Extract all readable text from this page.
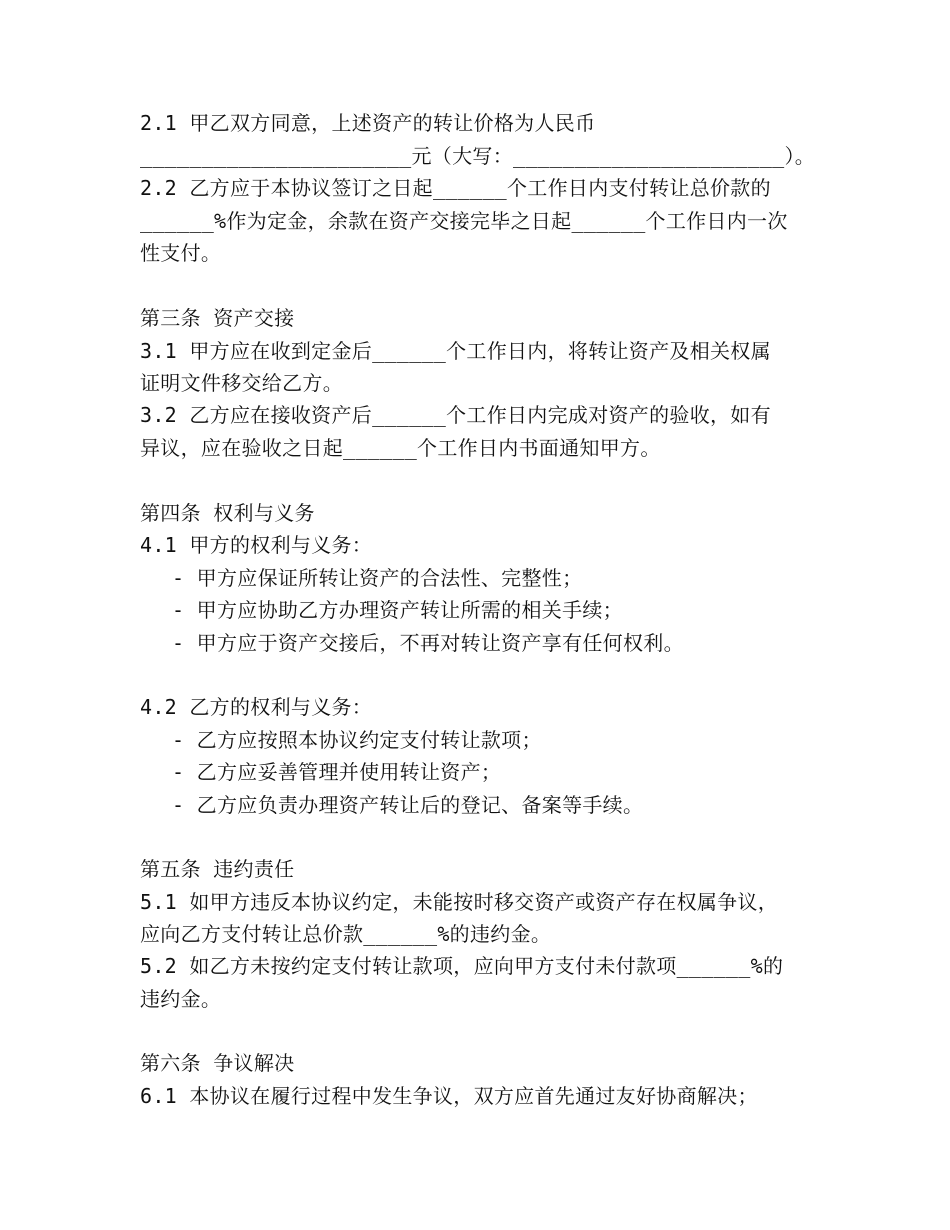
2.1 甲乙双方同意，上述资产的转让价格为人民币
______________________元（大写：______________________）。
2.2 乙方应于本协议签订之日起______个工作日内支付转让总价款的
______%作为定金，余款在资产交接完毕之日起______个工作日内一次
性支付。
第三条 资产交接
3.1 甲方应在收到定金后______个工作日内，将转让资产及相关权属
证明文件移交给乙方。
3.2 乙方应在接收资产后______个工作日内完成对资产的验收，如有
异议，应在验收之日起______个工作日内书面通知甲方。
第四条 权利与义务
4.1 甲方的权利与义务：
- 甲方应保证所转让资产的合法性、完整性；
- 甲方应协助乙方办理资产转让所需的相关手续；
- 甲方应于资产交接后，不再对转让资产享有任何权利。
4.2 乙方的权利与义务：
- 乙方应按照本协议约定支付转让款项；
- 乙方应妥善管理并使用转让资产；
- 乙方应负责办理资产转让后的登记、备案等手续。
第五条 违约责任
5.1 如甲方违反本协议约定，未能按时移交资产或资产存在权属争议，
应向乙方支付转让总价款______%的违约金。
5.2 如乙方未按约定支付转让款项，应向甲方支付未付款项______%的
违约金。
第六条 争议解决
6.1 本协议在履行过程中发生争议，双方应首先通过友好协商解决；
